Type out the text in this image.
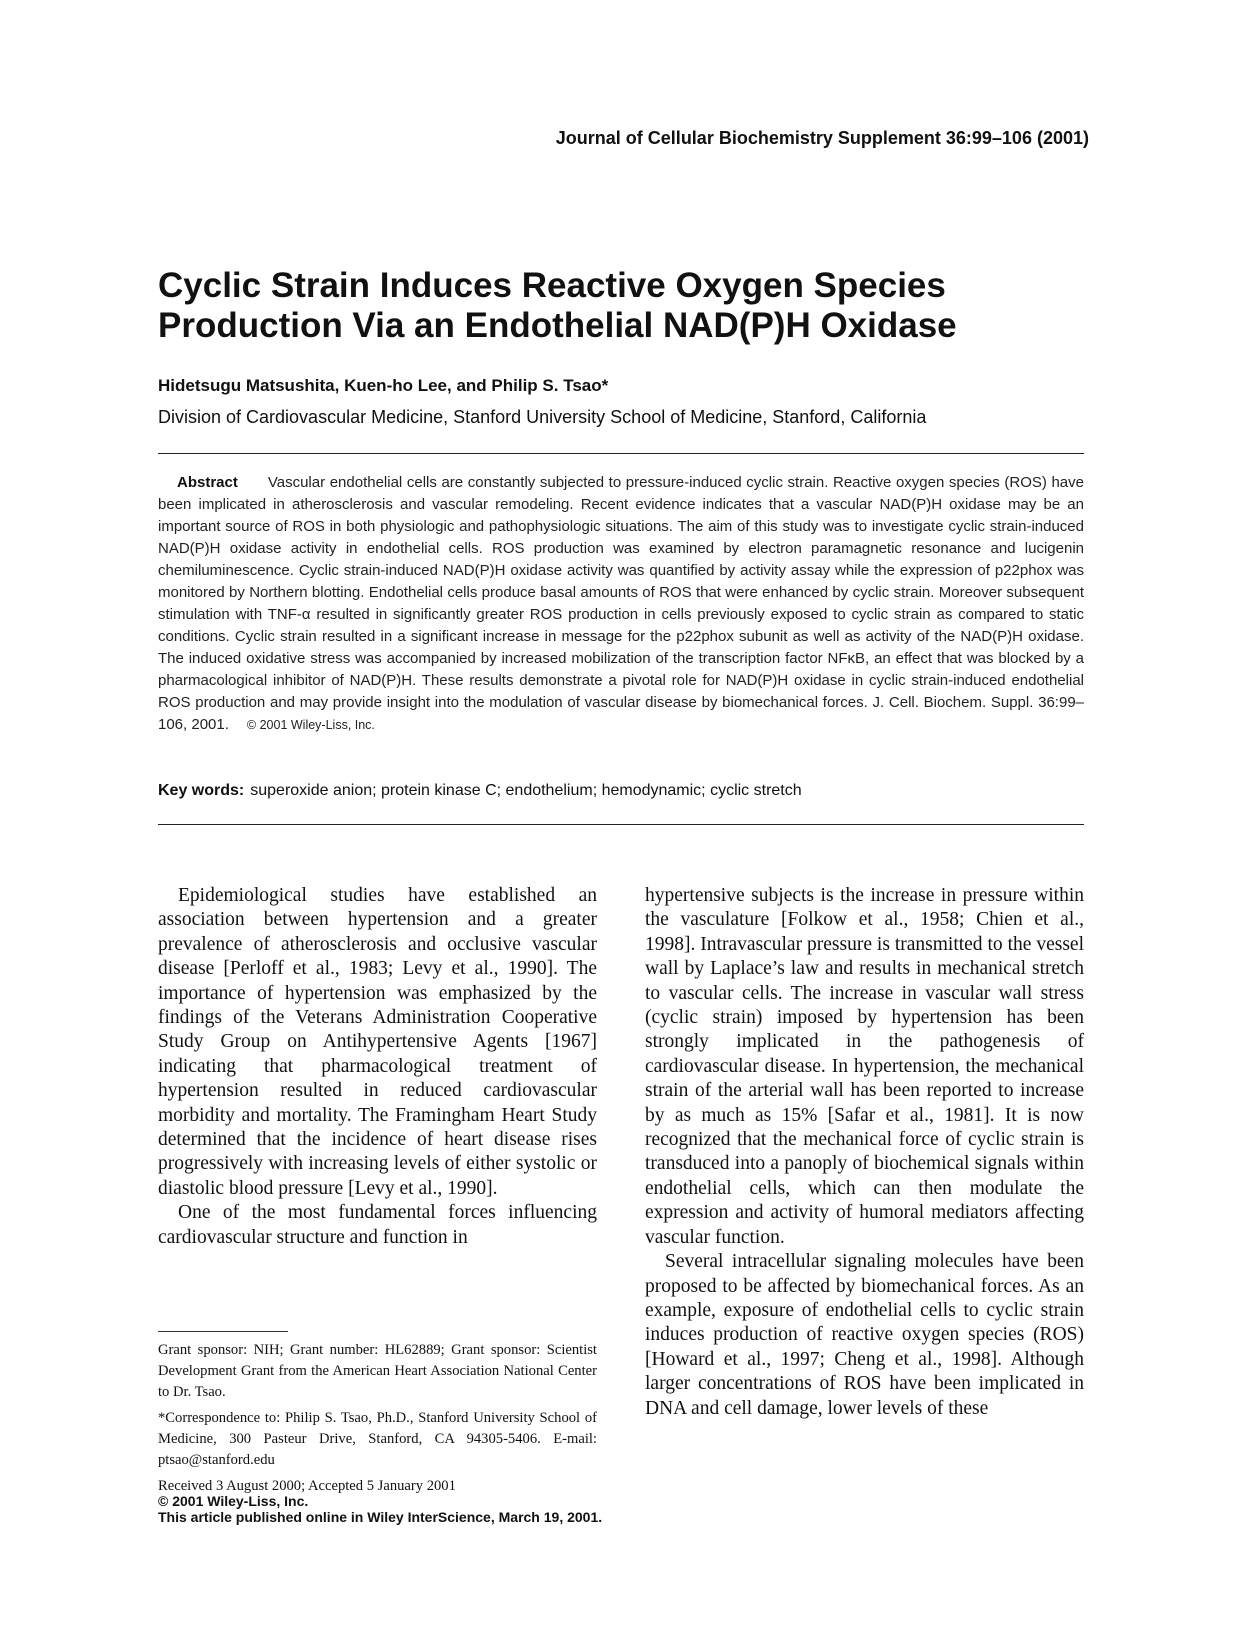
Journal of Cellular Biochemistry Supplement 36:99–106 (2001)
Cyclic Strain Induces Reactive Oxygen Species
Production Via an Endothelial NAD(P)H Oxidase
Hidetsugu Matsushita, Kuen-ho Lee, and Philip S. Tsao*
Division of Cardiovascular Medicine, Stanford University School of Medicine, Stanford, California
Abstract Vascular endothelial cells are constantly subjected to pressure-induced cyclic strain. Reactive oxygen species (ROS) have been implicated in atherosclerosis and vascular remodeling. Recent evidence indicates that a vascular NAD(P)H oxidase may be an important source of ROS in both physiologic and pathophysiologic situations. The aim of this study was to investigate cyclic strain-induced NAD(P)H oxidase activity in endothelial cells. ROS production was examined by electron paramagnetic resonance and lucigenin chemiluminescence. Cyclic strain-induced NAD(P)H oxidase activity was quantified by activity assay while the expression of p22phox was monitored by Northern blotting. Endothelial cells produce basal amounts of ROS that were enhanced by cyclic strain. Moreover subsequent stimulation with TNF-α resulted in significantly greater ROS production in cells previously exposed to cyclic strain as compared to static conditions. Cyclic strain resulted in a significant increase in message for the p22phox subunit as well as activity of the NAD(P)H oxidase. The induced oxidative stress was accompanied by increased mobilization of the transcription factor NFκB, an effect that was blocked by a pharmacological inhibitor of NAD(P)H. These results demonstrate a pivotal role for NAD(P)H oxidase in cyclic strain-induced endothelial ROS production and may provide insight into the modulation of vascular disease by biomechanical forces. J. Cell. Biochem. Suppl. 36:99–106, 2001. © 2001 Wiley-Liss, Inc.
Key words: superoxide anion; protein kinase C; endothelium; hemodynamic; cyclic stretch

Epidemiological studies have established an association between hypertension and a greater prevalence of atherosclerosis and occlusive vascular disease [Perloff et al., 1983; Levy et al., 1990]. The importance of hypertension was emphasized by the findings of the Veterans Administration Cooperative Study Group on Antihypertensive Agents [1967] indicating that pharmacological treatment of hypertension resulted in reduced cardiovascular morbidity and mortality. The Framingham Heart Study determined that the incidence of heart disease rises progressively with increasing levels of either systolic or diastolic blood pressure [Levy et al., 1990].

One of the most fundamental forces influencing cardiovascular structure and function in

hypertensive subjects is the increase in pressure within the vasculature [Folkow et al., 1958; Chien et al., 1998]. Intravascular pressure is transmitted to the vessel wall by Laplace’s law and results in mechanical stretch to vascular cells. The increase in vascular wall stress (cyclic strain) imposed by hypertension has been strongly implicated in the pathogenesis of cardiovascular disease. In hypertension, the mechanical strain of the arterial wall has been reported to increase by as much as 15% [Safar et al., 1981]. It is now recognized that the mechanical force of cyclic strain is transduced into a panoply of biochemical signals within endothelial cells, which can then modulate the expression and activity of humoral mediators affecting vascular function.

Several intracellular signaling molecules have been proposed to be affected by biomechanical forces. As an example, exposure of endothelial cells to cyclic strain induces production of reactive oxygen species (ROS) [Howard et al., 1997; Cheng et al., 1998]. Although larger concentrations of ROS have been implicated in DNA and cell damage, lower levels of these

Grant sponsor: NIH; Grant number: HL62889; Grant sponsor: Scientist Development Grant from the American Heart Association National Center to Dr. Tsao.

*Correspondence to: Philip S. Tsao, Ph.D., Stanford University School of Medicine, 300 Pasteur Drive, Stanford, CA 94305-5406. E-mail: ptsao@stanford.edu

Received 3 August 2000; Accepted 5 January 2001

© 2001 Wiley-Liss, Inc.
This article published online in Wiley InterScience, March 19, 2001.
